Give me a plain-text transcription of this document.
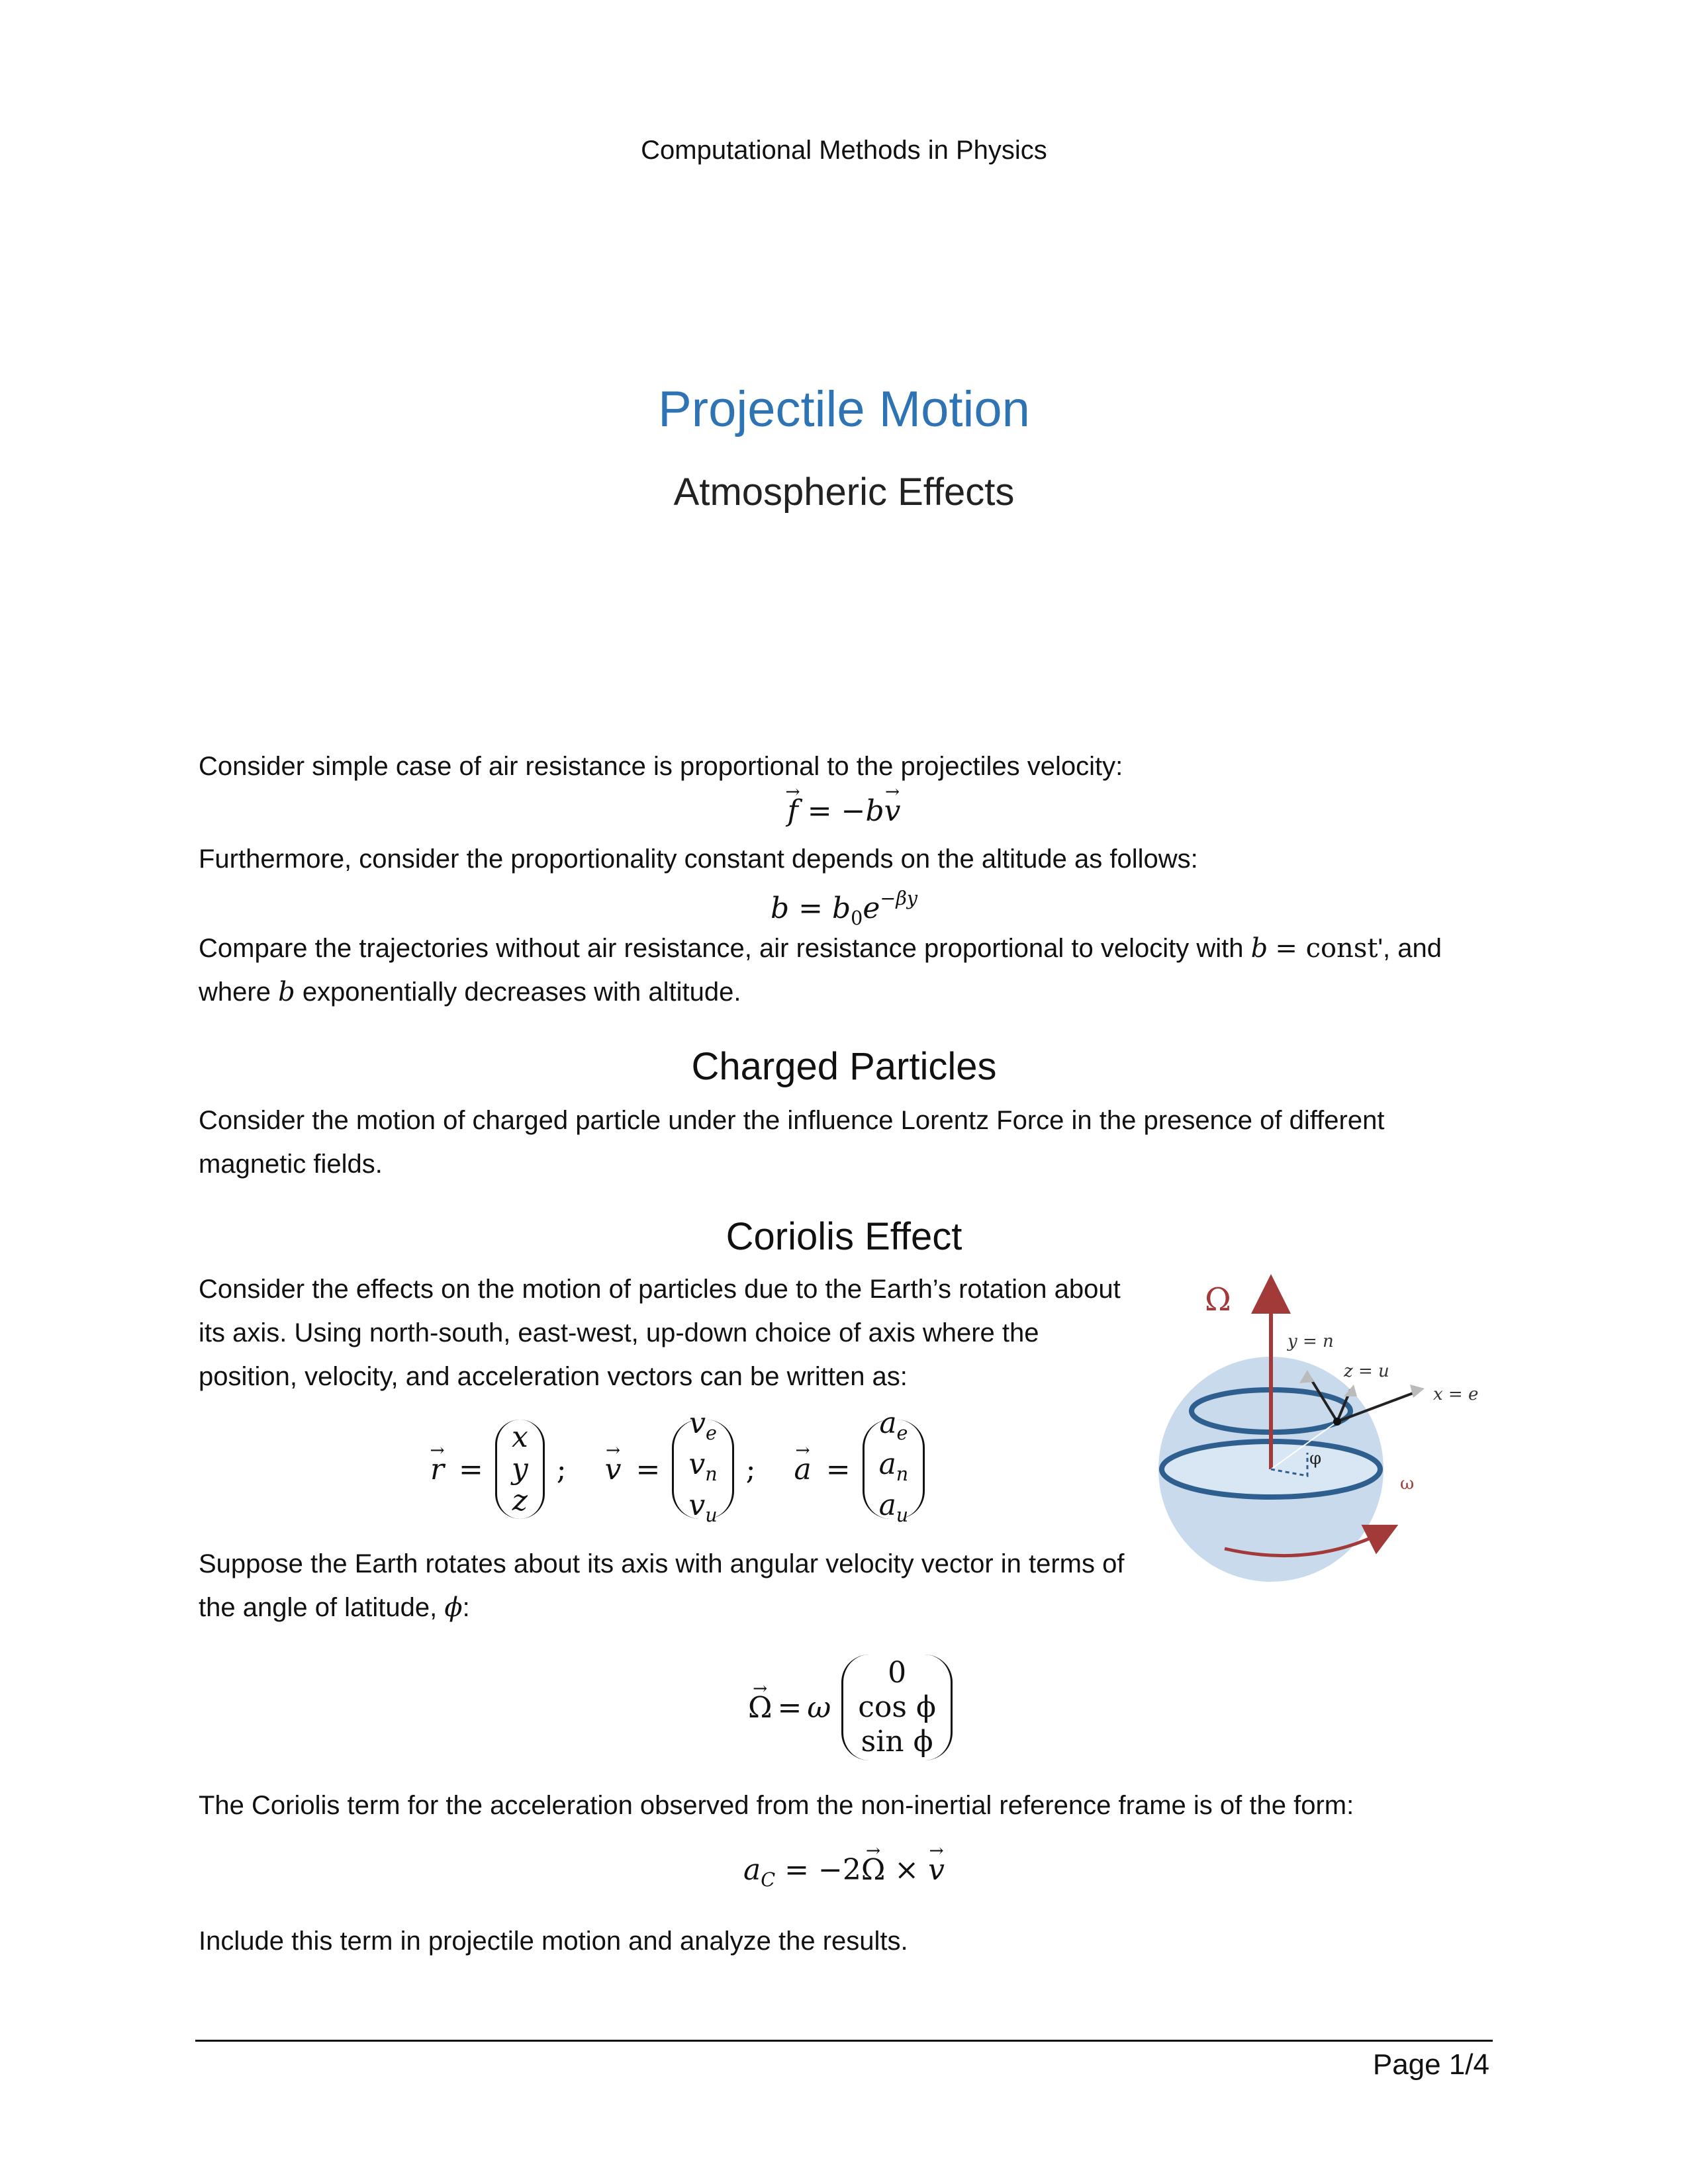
Computational Methods in Physics
Projectile Motion
Atmospheric Effects

Consider simple case of air resistance is proportional to the projectiles velocity:

→ f = −b→ v

Furthermore, consider the proportionality constant depends on the altitude as follows:

$b = b_0e^{-\beta y}$

Compare the trajectories without air resistance, air resistance proportional to velocity with b = const', and
where b exponentially decreases with altitude.

Charged Particles

Consider the motion of charged particle under the influence Lorentz Force in the presence of different magnetic fields.

Coriolis Effect

Consider the effects on the motion of particles due to the Earth’s rotation about its axis. Using north-south, east-west, up-down choice of axis where the position, velocity, and acceleration vectors can be written as:

→ r =
x
y
z
; → v =
$v_e$
$v_n$
$v_u$
; → a =
$a_e$
$a_n$
$a_u$

Suppose the Earth rotates about its axis with angular velocity vector in terms of the angle of latitude, ϕ:

→ Ω = ω
0
cos ϕ
sin ϕ

The Coriolis term for the acceleration observed from the non-inertial reference frame is of the form:

$a_C = -2\to \Omega$ × → v

Include this term in projectile motion and analyze the results.

Ω
y = n
z = u
x = e
φ
ω
Page 1/4
